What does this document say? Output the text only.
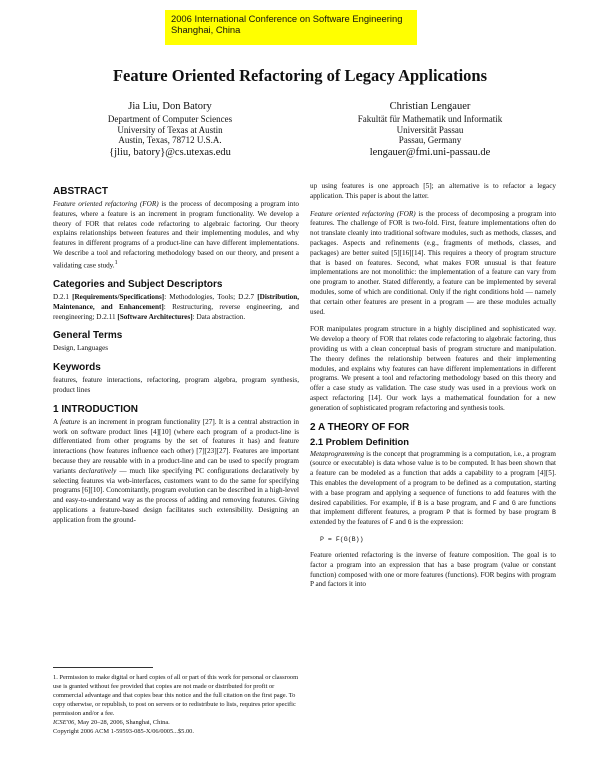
2006 International Conference on Software Engineering
Shanghai, China
Feature Oriented Refactoring of Legacy Applications
Jia Liu, Don Batory
Department of Computer Sciences
University of Texas at Austin
Austin, Texas, 78712 U.S.A.
{jliu, batory}@cs.utexas.edu
Christian Lengauer
Fakultät für Mathematik und Informatik
Universität Passau
Passau, Germany
lengauer@fmi.uni-passau.de
ABSTRACT

Feature oriented refactoring (FOR) is the process of decomposing a program into features, where a feature is an increment in program functionality. We develop a theory of FOR that relates code refactoring to algebraic factoring. Our theory explains relationships between features and their implementing modules, and why features in different programs of a product-line can have different implementations. We describe a tool and refactoring methodology based on our theory, and present a validating case study.$^1$

Categories and Subject Descriptors

D.2.1 [Requirements/Specifications]: Methodologies, Tools; D.2.7 [Distribution, Maintenance, and Enhancement]: Restructuring, reverse engineering, and reengineering; D.2.11 [Software Architectures]: Data abstraction.

General Terms

Design, Languages

Keywords

features, feature interactions, refactoring, program algebra, program synthesis, product lines

1 INTRODUCTION

A feature is an increment in program functionality [27]. It is a central abstraction in work on software product lines [4][10] (where each program of a product-line is differentiated from other programs by the set of features it has) and feature interactions (how features influence each other) [7][23][27]. Features are important because they are reusable with in a product-line and can be used to specify program variants declaratively — much like specifying PC configurations declaratively by selecting features via web-interfaces, customers want to do the same for specifying programs [6][10]. Concomitantly, program evolution can be described in a high-level and easy-to-understand way as the process of adding and removing features. Giving applications a feature-based design facilitates such extensibility. Designing an application from the ground-

1. Permission to make digital or hard copies of all or part of this work for personal or classroom use is granted without fee provided that copies are not made or distributed for profit or commercial advantage and that copies bear this notice and the full citation on the first page. To copy otherwise, or republish, to post on servers or to redistribute to lists, requires prior specific permission and/or a fee.

ICSE'06, May 20–28, 2006, Shanghai, China.

Copyright 2006 ACM 1-59593-085-X/06/0005...$5.00.

up using features is one approach [5]; an alternative is to refactor a legacy application. This paper is about the latter.

Feature oriented refactoring (FOR) is the process of decomposing a program into features. The challenge of FOR is two-fold. First, feature implementations often do not translate cleanly into traditional software modules, such as methods, classes, and packages. Aspects and refinements (e.g., fragments of methods, classes, and packages) are better suited [5][16][14]. This requires a theory of program structure that is based on features. Second, what makes FOR unusual is that feature implementations are not monolithic: the implementation of a feature can vary from one program to another. Stated differently, a feature can be implemented by several modules, some of which are conditional. Only if the right conditions hold — namely that certain other features are present in a program — are these modules actually used.

FOR manipulates program structure in a highly disciplined and sophisticated way. We develop a theory of FOR that relates code refactoring to algebraic factoring, thus providing us with a clean conceptual basis of program structure and manipulation. The theory defines the relationship between features and their implementing modules, and explains why features can have different implementations in different programs. We present a tool and refactoring methodology based on this theory and offer a case study as validation. The case study was used in a previous work on aspect refactoring [14]. Our work lays a mathematical foundation for a new generation of sophisticated program refactoring and synthesis tools.

2 A THEORY OF FOR
2.1 Problem Definition

Metaprogramming is the concept that programming is a computation, i.e., a program (source or executable) is data whose value is to be computed. It has been shown that a feature can be modeled as a function that adds a capability to a program [4][5]. This enables the development of a program to be defined as a computation, starting with a base program and applying a sequence of functions to add features with the desired capabilities. For example, if B is a base program, and F and G are functions that implement different features, a program P that is formed by base program B extended by the features of F and G is the expression:

P = F(G(B))

Feature oriented refactoring is the inverse of feature composition. The goal is to factor a program into an expression that has a base program (value or constant function) composed with one or more features (functions). FOR begins with program P and factors it into
